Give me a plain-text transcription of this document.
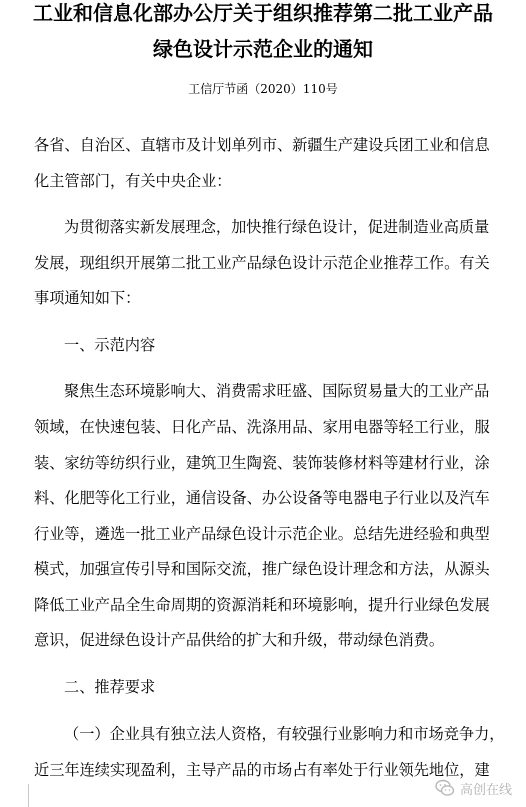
工业和信息化部办公厅关于组织推荐第二批工业产品
绿色设计示范企业的通知
工信厅节函（2020）110号
各省、自治区、直辖市及计划单列市、新疆生产建设兵团工业和信息
化主管部门，有关中央企业：
为贯彻落实新发展理念，加快推行绿色设计，促进制造业高质量
发展，现组织开展第二批工业产品绿色设计示范企业推荐工作。有关
事项通知如下：
一、示范内容
聚焦生态环境影响大、消费需求旺盛、国际贸易量大的工业产品
领域，在快速包装、日化产品、洗涤用品、家用电器等轻工行业，服
装、家纺等纺织行业，建筑卫生陶瓷、装饰装修材料等建材行业，涂
料、化肥等化工行业，通信设备、办公设备等电器电子行业以及汽车
行业等，遴选一批工业产品绿色设计示范企业。总结先进经验和典型
模式，加强宣传引导和国际交流，推广绿色设计理念和方法，从源头
降低工业产品全生命周期的资源消耗和环境影响，提升行业绿色发展
意识，促进绿色设计产品供给的扩大和升级，带动绿色消费。
二、推荐要求
（一）企业具有独立法人资格，有较强行业影响力和市场竞争力，
近三年连续实现盈利，主导产品的市场占有率处于行业领先地位，建
高创在线
